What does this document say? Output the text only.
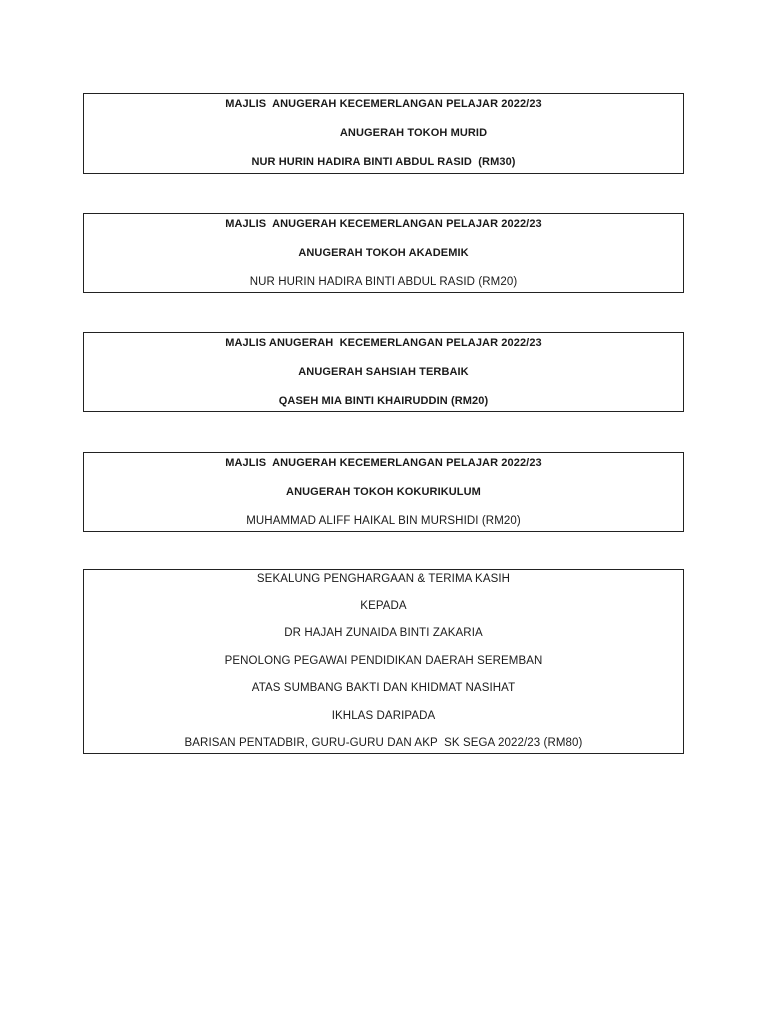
MAJLIS  ANUGERAH KECEMERLANGAN PELAJAR 2022/23
ANUGERAH TOKOH MURID
NUR HURIN HADIRA BINTI ABDUL RASID  (RM30)
MAJLIS  ANUGERAH KECEMERLANGAN PELAJAR 2022/23
ANUGERAH TOKOH AKADEMIK
NUR HURIN HADIRA BINTI ABDUL RASID (RM20)
MAJLIS ANUGERAH  KECEMERLANGAN PELAJAR 2022/23
ANUGERAH SAHSIAH TERBAIK
QASEH MIA BINTI KHAIRUDDIN (RM20)
MAJLIS  ANUGERAH KECEMERLANGAN PELAJAR 2022/23
ANUGERAH TOKOH KOKURIKULUM
MUHAMMAD ALIFF HAIKAL BIN MURSHIDI (RM20)
SEKALUNG PENGHARGAAN & TERIMA KASIH
KEPADA
DR HAJAH ZUNAIDA BINTI ZAKARIA
PENOLONG PEGAWAI PENDIDIKAN DAERAH SEREMBAN
ATAS SUMBANG BAKTI DAN KHIDMAT NASIHAT
IKHLAS DARIPADA
BARISAN PENTADBIR, GURU-GURU DAN AKP  SK SEGA 2022/23 (RM80)
